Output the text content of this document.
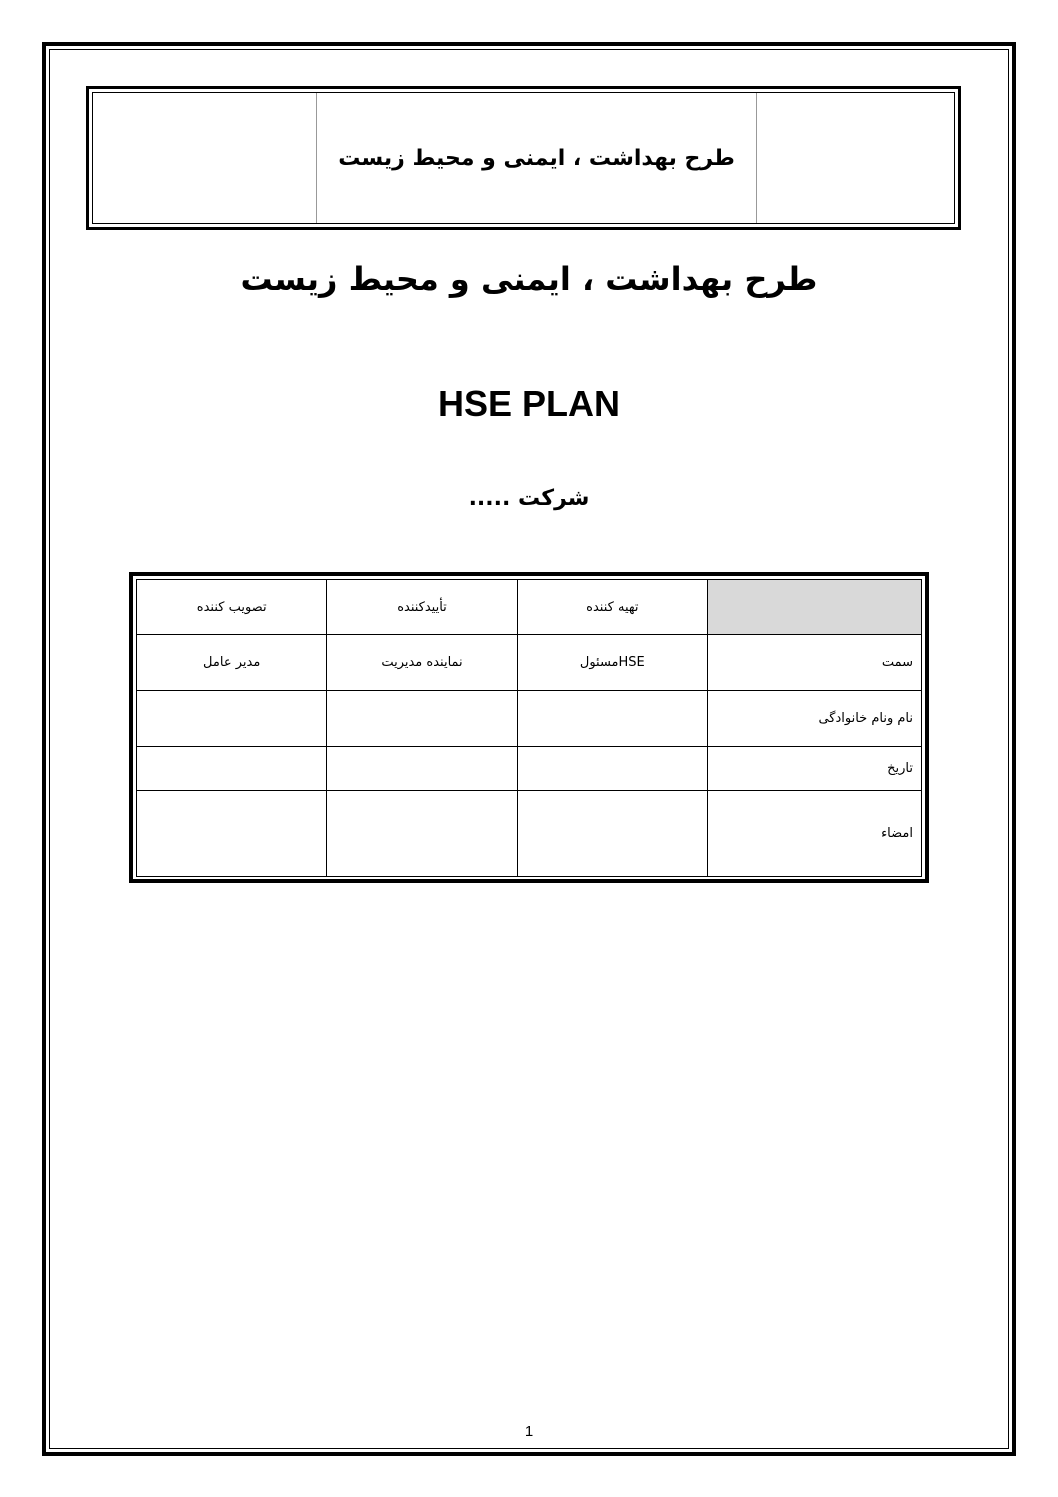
طرح بهداشت ، ایمنی و محیط زیست
طرح بهداشت ، ایمنی و محیط زیست
HSE PLAN
شرکت .....
	تهیه کننده	تأییدکننده	تصویب کننده
سمت	HSEمسئول	نماینده مدیریت	مدیر عامل
نام ونام خانوادگی			
تاریخ			
امضاء			
1
